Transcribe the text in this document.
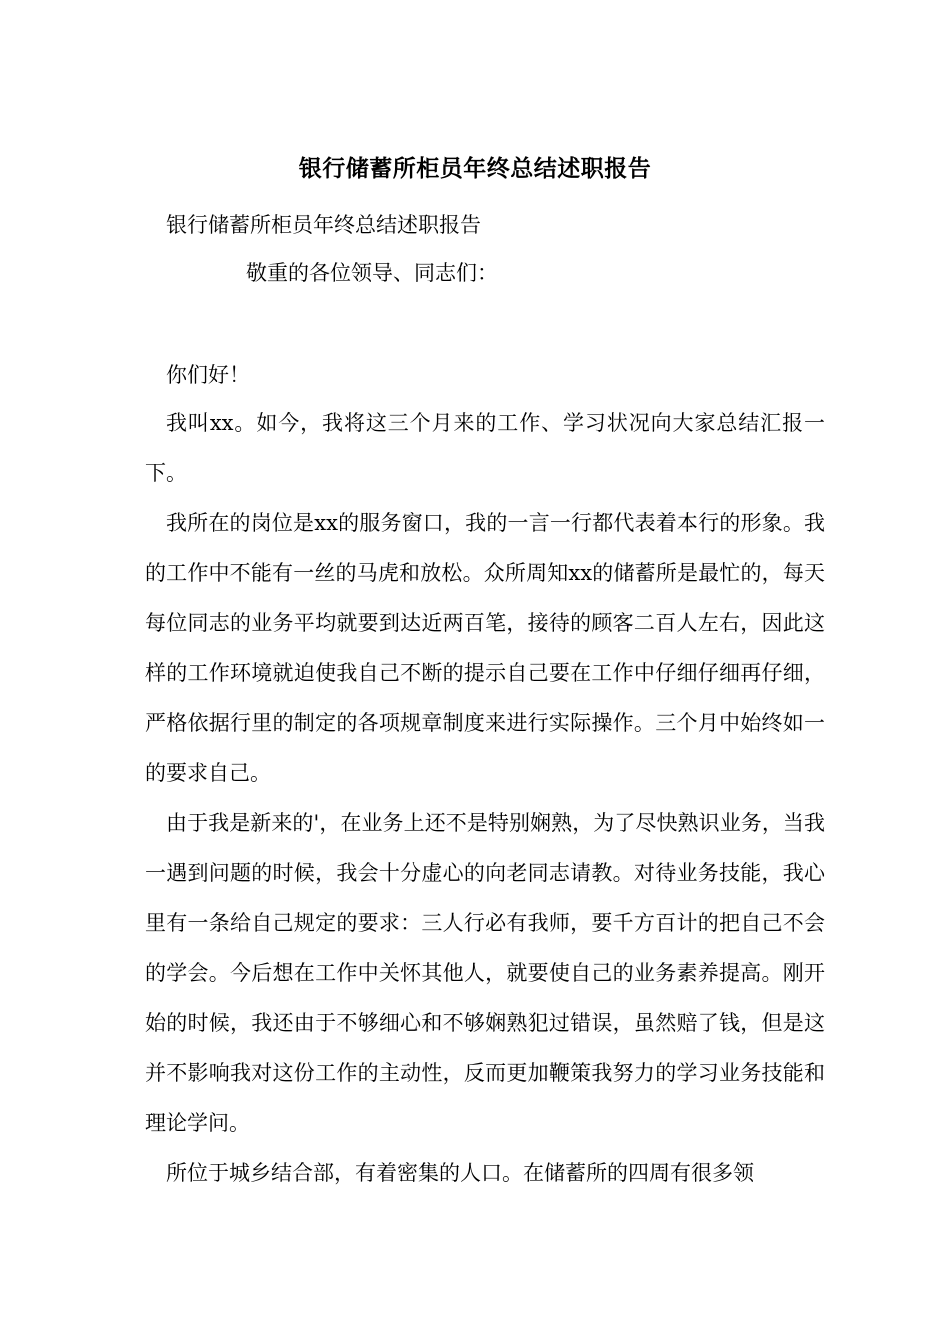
银行储蓄所柜员年终总结述职报告

银行储蓄所柜员年终总结述职报告

敬重的各位领导、同志们：

你们好！

我叫xx。如今，我将这三个月来的工作、学习状况向大家总结汇报一下。

我所在的岗位是xx的服务窗口，我的一言一行都代表着本行的形象。我的工作中不能有一丝的马虎和放松。众所周知xx的储蓄所是最忙的，每天每位同志的业务平均就要到达近两百笔，接待的顾客二百人左右，因此这样的工作环境就迫使我自己不断的提示自己要在工作中仔细仔细再仔细，严格依据行里的制定的各项规章制度来进行实际操作。三个月中始终如一的要求自己。

由于我是新来的'，在业务上还不是特别娴熟，为了尽快熟识业务，当我一遇到问题的时候，我会十分虚心的向老同志请教。对待业务技能，我心里有一条给自己规定的要求：三人行必有我师，要千方百计的把自己不会的学会。今后想在工作中关怀其他人，就要使自己的业务素养提高。刚开始的时候，我还由于不够细心和不够娴熟犯过错误，虽然赔了钱，但是这并不影响我对这份工作的主动性，反而更加鞭策我努力的学习业务技能和理论学问。

所位于城乡结合部，有着密集的人口。在储蓄所的四周有很多领
